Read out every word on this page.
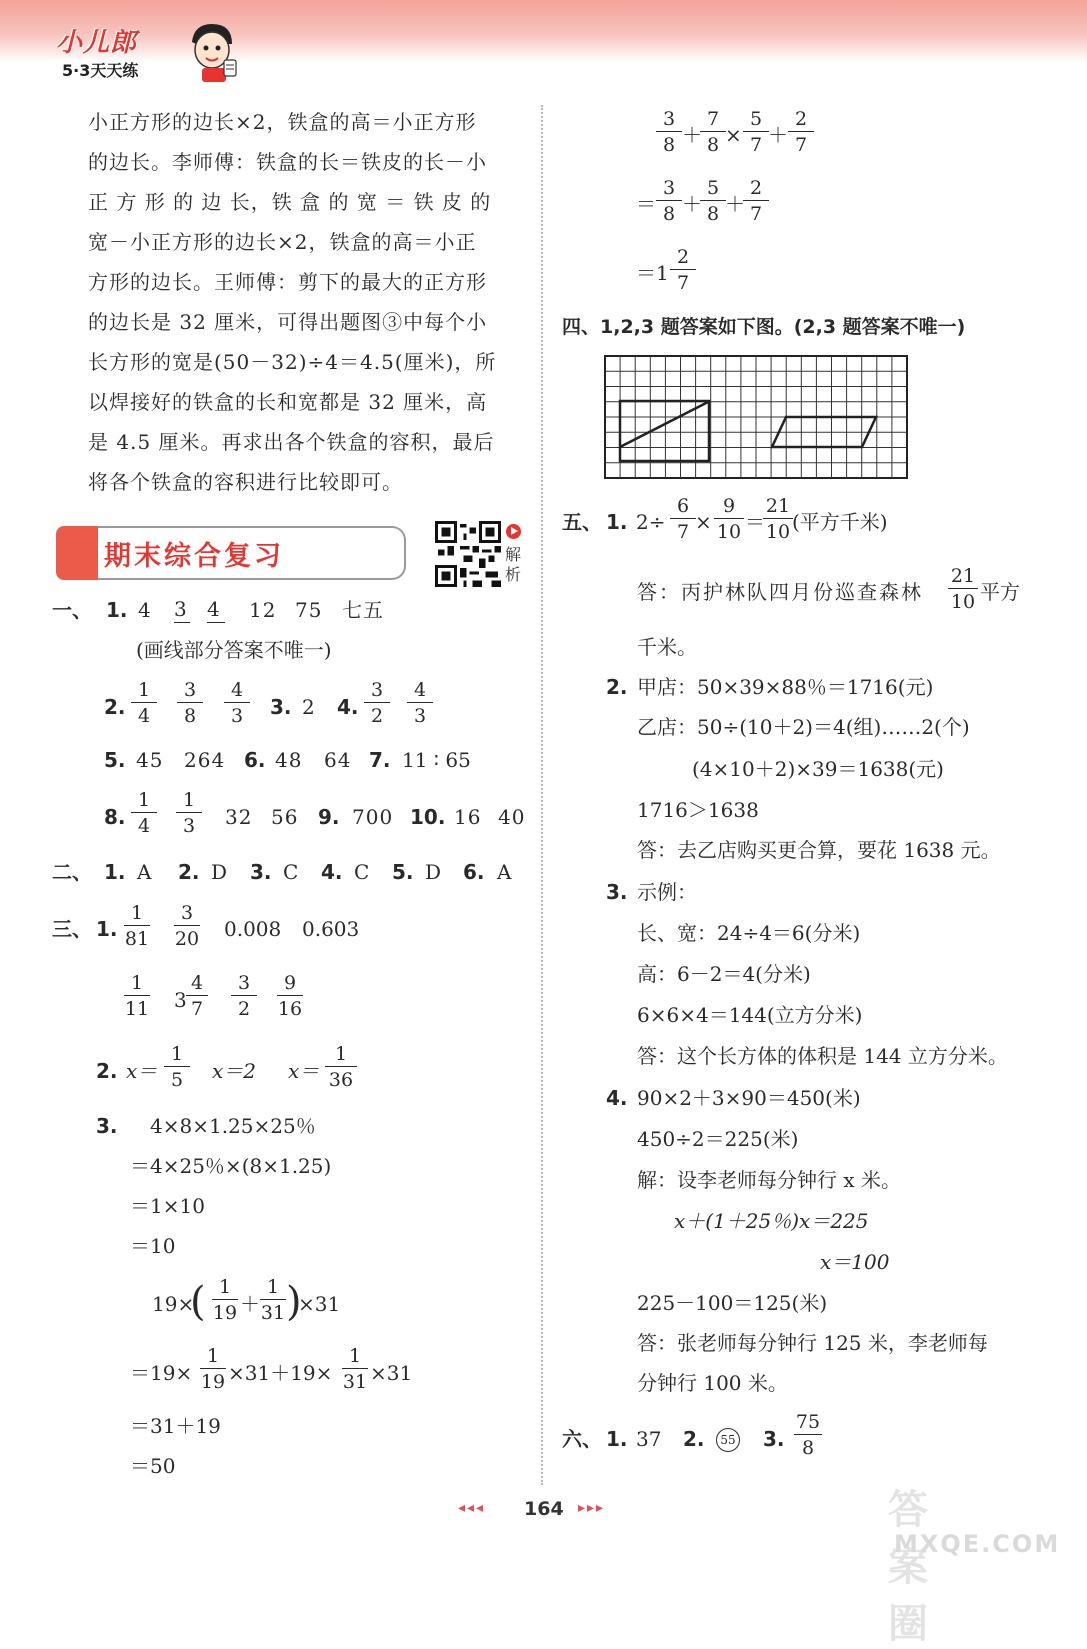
小儿郎
5·3天天练
小正方形的边长×2，铁盒的高＝小正方形
的边长。李师傅：铁盒的长＝铁皮的长－小
正 方 形 的 边 长，铁 盒 的 宽 ＝ 铁 皮 的
宽－小正方形的边长×2，铁盒的高＝小正
方形的边长。王师傅：剪下的最大的正方形
的边长是 32 厘米，可得出题图③中每个小
长方形的宽是(50－32)÷4＝4.5(厘米)，所
以焊接好的铁盒的长和宽都是 32 厘米，高
是 4.5 厘米。再求出各个铁盒的容积，最后
将各个铁盒的容积进行比较即可。
期末综合复习	解析
一、 1. 4 3 4 12 75 七五
(画线部分答案不唯一)
2.
1
4
3
8
4
3	3. 2 4.
3
2
4
3
5. 45 264 6. 48 64 7. 11 ∶ 65
8.
1
4
1
3	32 56 9. 700 10. 16 40
二、 1. A 2. D 3. C 4. C 5. D 6. A
三、 1.
1
81
3
20 0.008 0.603
1
11 3
4
7
3
2
9
16
2. x＝
1
5	x＝2 x＝
1
36
3. 4×8×1.25×25％
＝4×25％×(8×1.25)
＝1×10
＝10
19×
( 1
19 ＋
1
31 )
×31
＝19×
1
19 ×31＋19×
1
31 ×31
＝31＋19
＝50
3
8 ＋
7
8 ×
5
7 ＋
2
7
＝
3
8 ＋
5
8 ＋
2
7
＝1
2
7
四、1,2,3 题答案如下图。(2,3 题答案不唯一)
五、 1. 2÷
6
7 ×
9
10 ＝
21
10 (平方千米)
答：丙护林队四月份巡查森林
21
10 平方
千米。
2. 甲店：50×39×88％＝1716(元)
乙店：50÷(10＋2)＝4(组)……2(个)
(4×10＋2)×39＝1638(元)
1716＞1638
答：去乙店购买更合算，要花 1638 元。
3. 示例：
长、宽：24÷4＝6(分米)
高：6－2＝4(分米)
6×6×4＝144(立方分米)
答：这个长方体的体积是 144 立方分米。
4. 90×2＋3×90＝450(米)
450÷2＝225(米)
解：设李老师每分钟行 x 米。
x＋(1＋25％)x＝225
x＝100
225－100＝125(米)
答：张老师每分钟行 125 米，李老师每
分钟行 100 米。
六、 1. 37 2.	55 3.
75
8
◂◂◂ 164 ▸▸▸	答案圈
MXQE.COM
